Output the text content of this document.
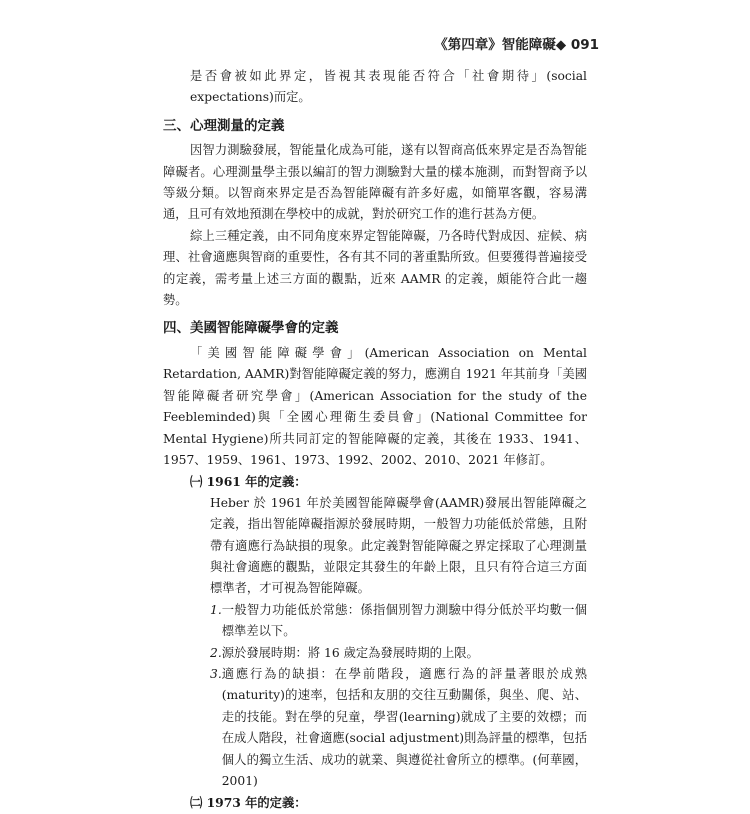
《第四章》智能障礙◆ 091

是否會被如此界定，皆視其表現能否符合「社會期待」(social expectations)而定。

三、心理測量的定義

因智力測驗發展，智能量化成為可能，遂有以智商高低來界定是否為智能障礙者。心理測量學主張以編訂的智力測驗對大量的樣本施測，而對智商予以等級分類。以智商來界定是否為智能障礙有許多好處，如簡單客觀，容易溝通，且可有效地預測在學校中的成就，對於研究工作的進行甚為方便。

綜上三種定義，由不同角度來界定智能障礙，乃各時代對成因、症候、病理、社會適應與智商的重要性，各有其不同的著重點所致。但要獲得普遍接受的定義，需考量上述三方面的觀點，近來 AAMR 的定義，頗能符合此一趨勢。

四、美國智能障礙學會的定義

「美國智能障礙學會」(American Association on Mental Retardation, AAMR)對智能障礙定義的努力，應溯自 1921 年其前身「美國智能障礙者研究學會」(American Association for the study of the Feebleminded)與「全國心理衛生委員會」(National Committee for Mental Hygiene)所共同訂定的智能障礙的定義，其後在 1933、1941、1957、1959、1961、1973、1992、2002、2010、2021 年修訂。

㈠ 1961 年的定義：

Heber 於 1961 年於美國智能障礙學會(AAMR)發展出智能障礙之定義，指出智能障礙指源於發展時期，一般智力功能低於常態，且附帶有適應行為缺損的現象。此定義對智能障礙之界定採取了心理測量與社會適應的觀點，並限定其發生的年齡上限，且只有符合這三方面標準者，才可視為智能障礙。

1. 一般智力功能低於常態：係指個別智力測驗中得分低於平均數一個標準差以下。
2. 源於發展時期：將 16 歲定為發展時期的上限。
3. 適應行為的缺損：在學前階段，適應行為的評量著眼於成熟(maturity)的速率，包括和友朋的交往互動關係，與坐、爬、站、走的技能。對在學的兒童，學習(learning)就成了主要的效標；而在成人階段，社會適應(social adjustment)則為評量的標準，包括個人的獨立生活、成功的就業、與遵從社會所立的標準。(何華國，2001)
㈡ 1973 年的定義：
